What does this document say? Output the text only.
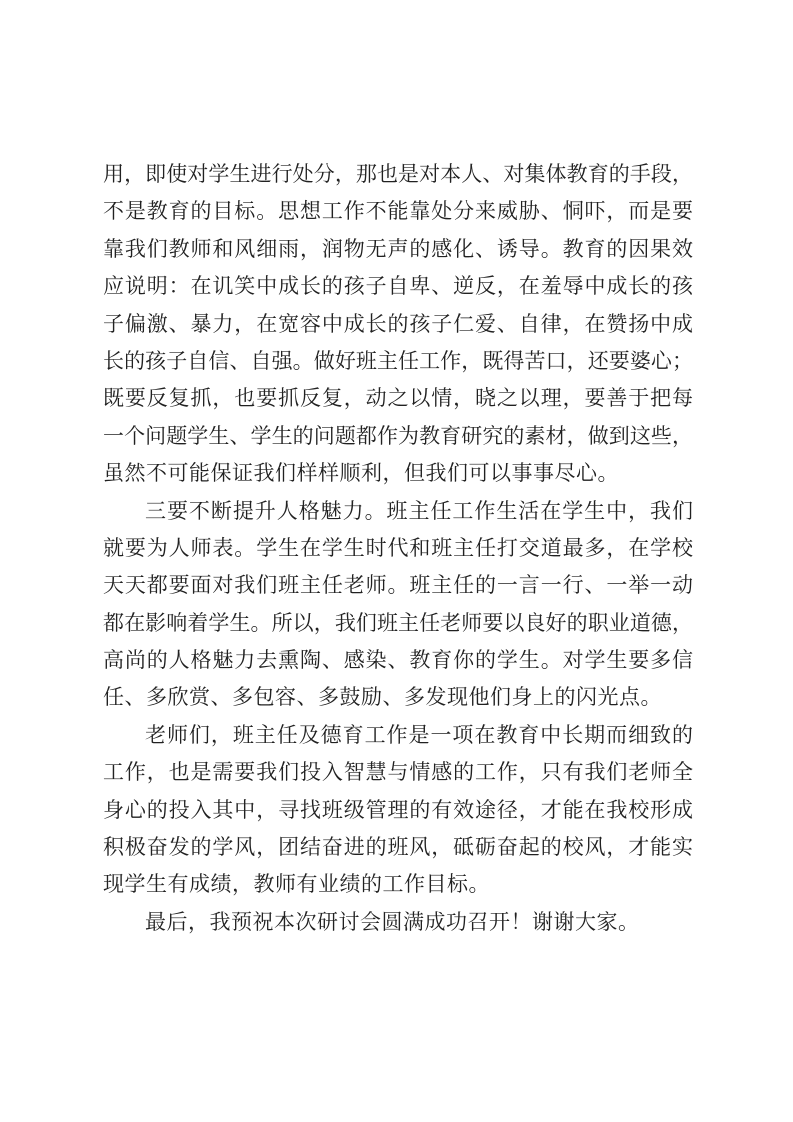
用，即使对学生进行处分，那也是对本人、对集体教育的手段，
不是教育的目标。思想工作不能靠处分来威胁、恫吓，而是要
靠我们教师和风细雨，润物无声的感化、诱导。教育的因果效
应说明：在讥笑中成长的孩子自卑、逆反，在羞辱中成长的孩
子偏激、暴力，在宽容中成长的孩子仁爱、自律，在赞扬中成
长的孩子自信、自强。做好班主任工作，既得苦口，还要婆心；
既要反复抓，也要抓反复，动之以情，晓之以理，要善于把每
一个问题学生、学生的问题都作为教育研究的素材，做到这些，
虽然不可能保证我们样样顺利，但我们可以事事尽心。
三要不断提升人格魅力。班主任工作生活在学生中，我们
就要为人师表。学生在学生时代和班主任打交道最多，在学校
天天都要面对我们班主任老师。班主任的一言一行、一举一动
都在影响着学生。所以，我们班主任老师要以良好的职业道德，
高尚的人格魅力去熏陶、感染、教育你的学生。对学生要多信
任、多欣赏、多包容、多鼓励、多发现他们身上的闪光点。
老师们，班主任及德育工作是一项在教育中长期而细致的
工作，也是需要我们投入智慧与情感的工作，只有我们老师全
身心的投入其中，寻找班级管理的有效途径，才能在我校形成
积极奋发的学风，团结奋进的班风，砥砺奋起的校风，才能实
现学生有成绩，教师有业绩的工作目标。
最后，我预祝本次研讨会圆满成功召开！谢谢大家。
